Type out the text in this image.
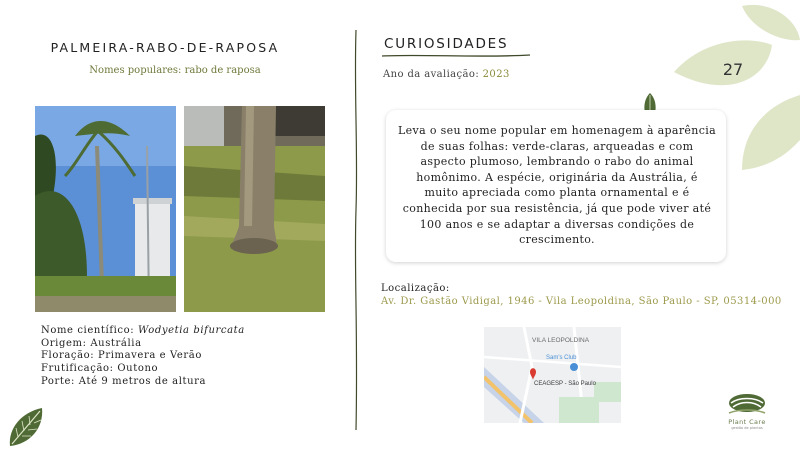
27
PALMEIRA-RABO-DE-RAPOSA
Nomes populares: rabo de raposa
Nome científico: Wodyetia bifurcata
Origem: Austrália
Floração: Primavera e Verão
Frutificação: Outono
Porte: Até 9 metros de altura
CURIOSIDADES
Ano da avaliação: 2023
Leva o seu nome popular em homenagem à aparência de suas folhas: verde-claras, arqueadas e com aspecto plumoso, lembrando o rabo do animal homônimo. A espécie, originária da Austrália, é muito apreciada como planta ornamental e é conhecida por sua resistência, já que pode viver até 100 anos e se adaptar a diversas condições de crescimento.
Localização:
Av. Dr. Gastão Vidigal, 1946 - Vila Leopoldina, São Paulo - SP, 05314-000
VILA LEOPOLDINA
Sam's Club
CEAGESP - São Paulo
Plant Care
gestão de plantas
